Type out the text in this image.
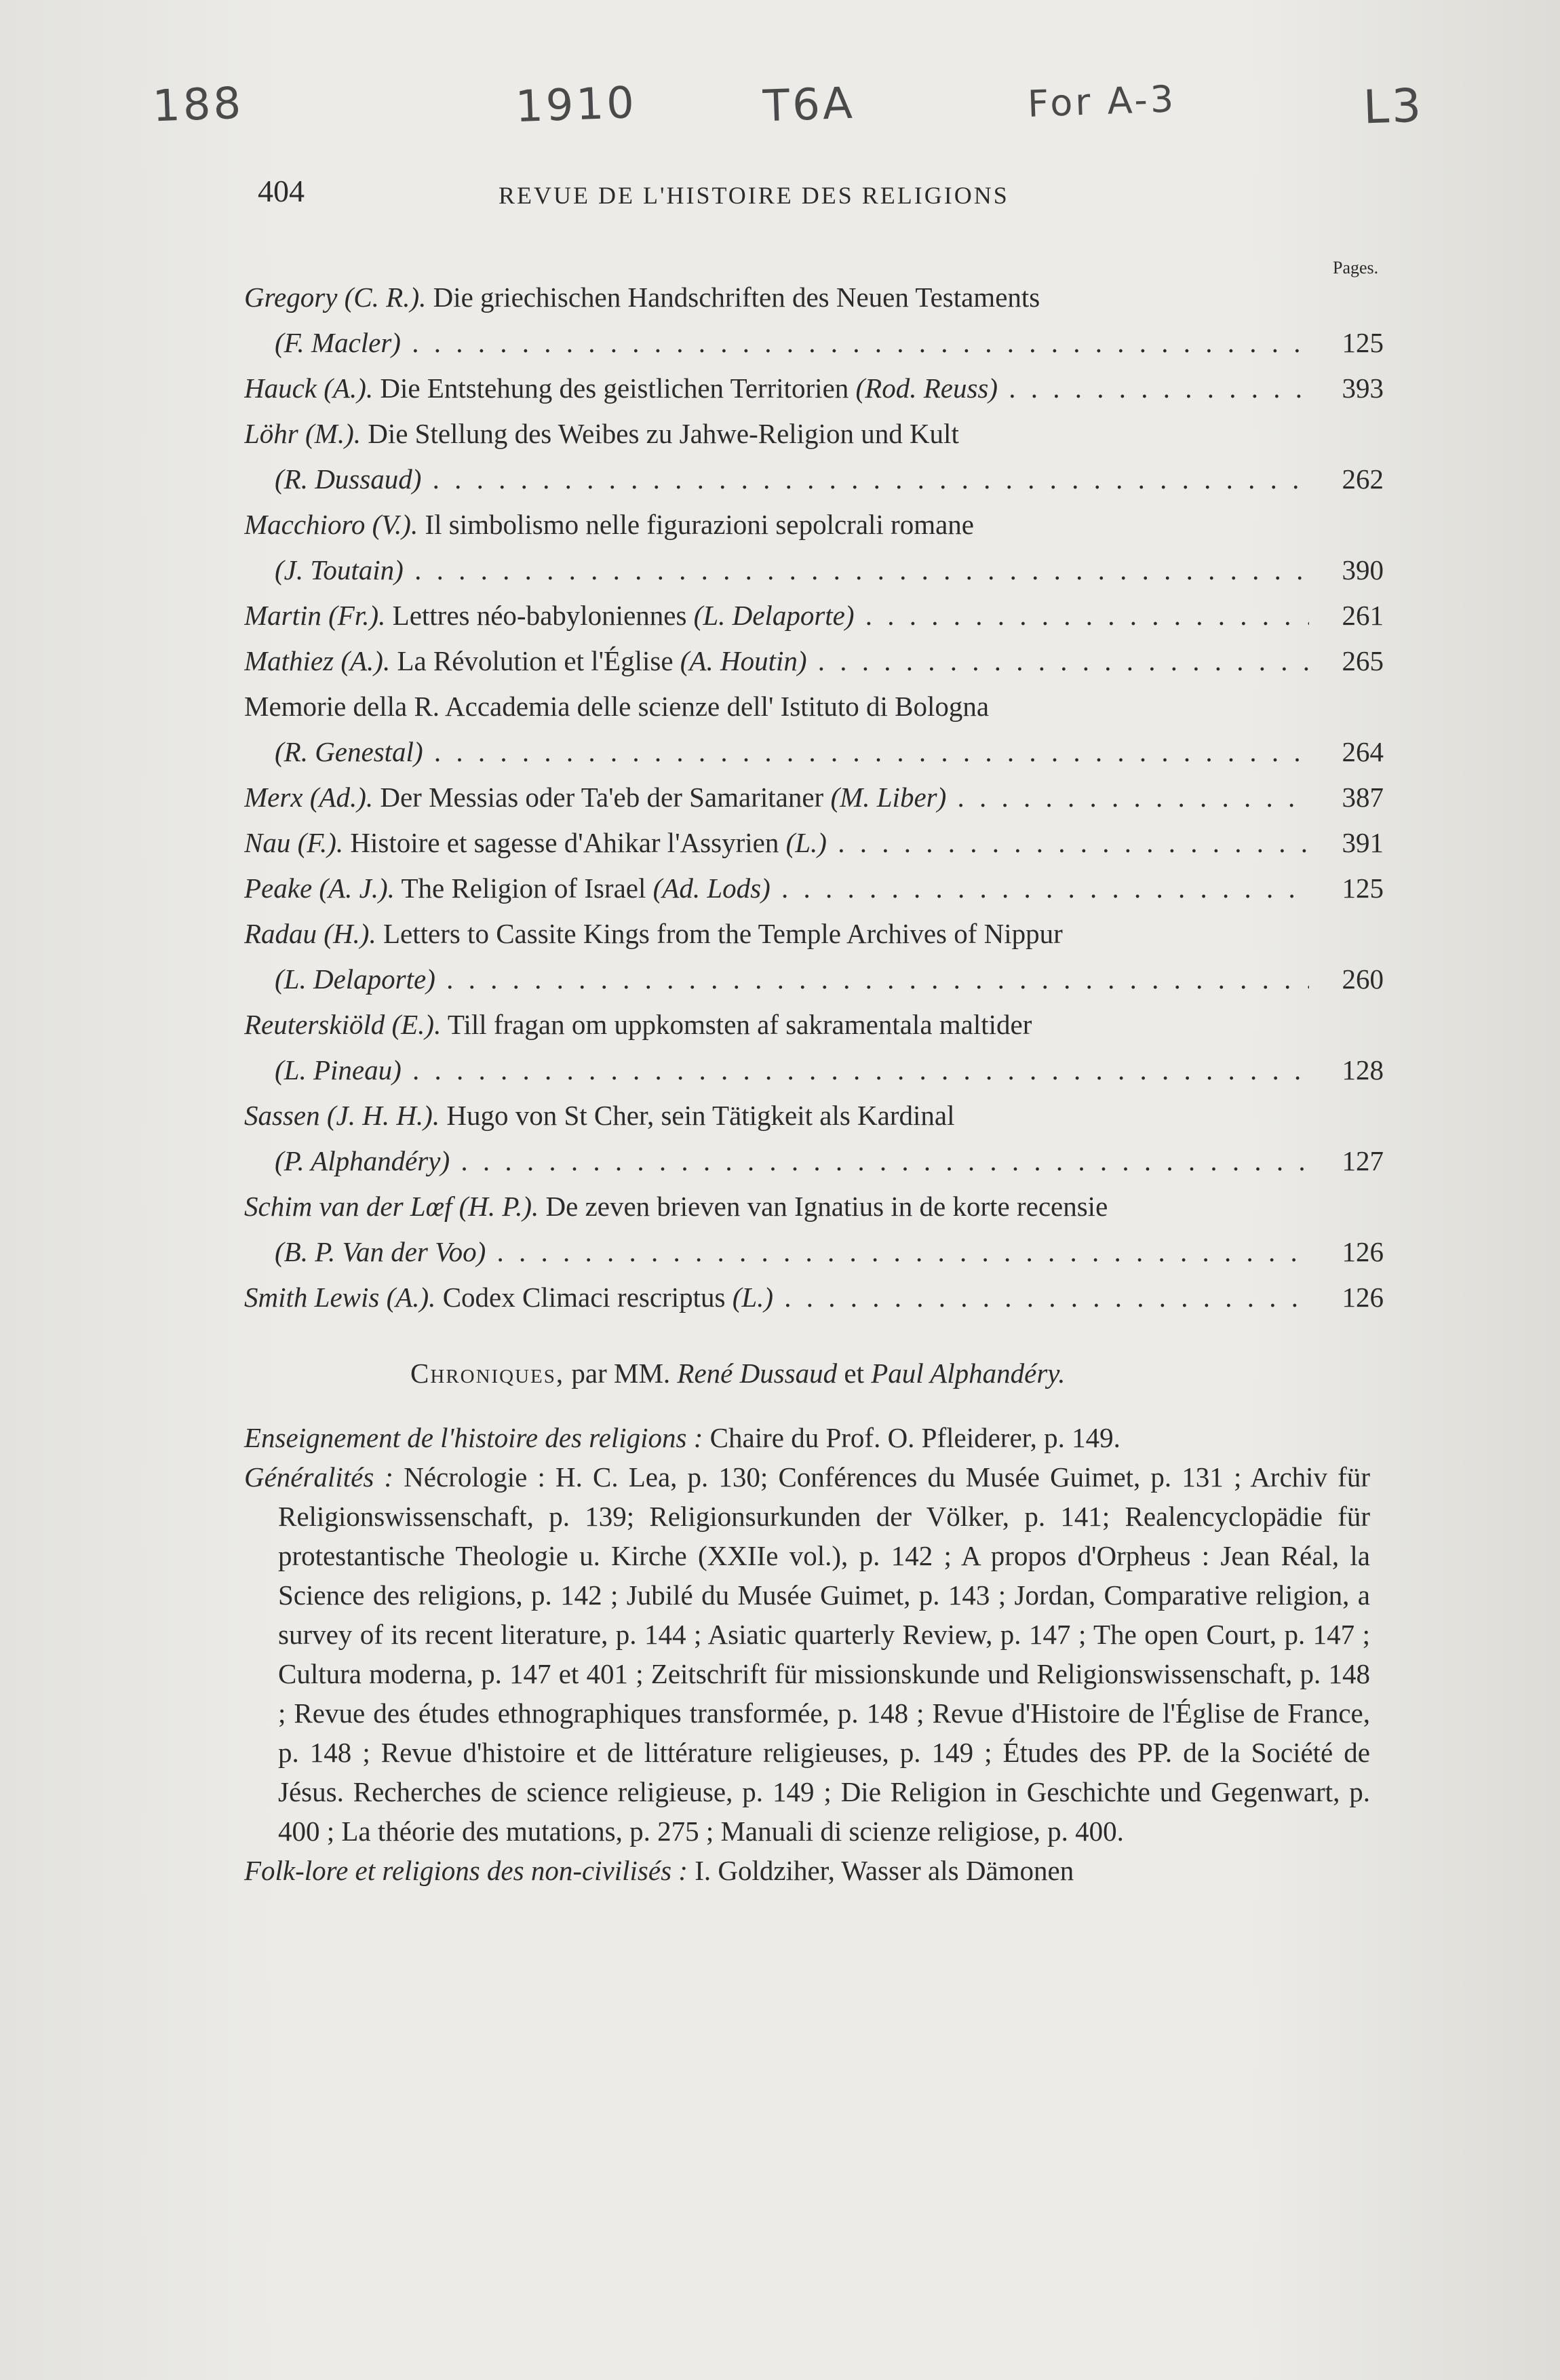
188	1910	T6A	For A-3	L3
404	REVUE DE L'HISTOIRE DES RELIGIONS
Pages.
Gregory (C. R.). Die griechischen Handschriften des Neuen Testaments
(F. Macler) . . .	125
Hauck (A.). Die Entstehung des geistlichen Territorien (Rod. Reuss) . . .	393
Löhr (M.). Die Stellung des Weibes zu Jahwe-Religion und Kult
(R. Dussaud) . . .	262
Macchioro (V.). Il simbolismo nelle figurazioni sepolcrali romane
(J. Toutain) . . .	390
Martin (Fr.). Lettres néo-babyloniennes (L. Delaporte) . . .	261
Mathiez (A.). La Révolution et l'Église (A. Houtin) . . .	265
Memorie della R. Accademia delle scienze dell' Istituto di Bologna
(R. Genestal) . . .	264
Merx (Ad.). Der Messias oder Ta'eb der Samaritaner (M. Liber) . . .	387
Nau (F.). Histoire et sagesse d'Ahikar l'Assyrien (L.) . . .	391
Peake (A. J.). The Religion of Israel (Ad. Lods) . . .	125
Radau (H.). Letters to Cassite Kings from the Temple Archives of Nippur
(L. Delaporte) . . .	260
Reuterskiöld (E.). Till fragan om uppkomsten af sakramentala maltider
(L. Pineau) . . .	128
Sassen (J. H. H.). Hugo von St Cher, sein Tätigkeit als Kardinal
(P. Alphandéry) . . .	127
Schim van der Lœf (H. P.). De zeven brieven van Ignatius in de korte recensie
(B. P. Van der Voo) . . .	126
Smith Lewis (A.). Codex Climaci rescriptus (L.) . . .	126
Chroniques, par MM. René Dussaud et Paul Alphandéry.

Enseignement de l'histoire des religions : Chaire du Prof. O. Pfleiderer, p. 149.

Généralités : Nécrologie : H. C. Lea, p. 130; Conférences du Musée Guimet, p. 131 ; Archiv für Religionswissenschaft, p. 139; Religionsurkunden der Völker, p. 141; Realencyclopädie für protestantische Theologie u. Kirche (XXIIe vol.), p. 142 ; A propos d'Orpheus : Jean Réal, la Science des religions, p. 142 ; Jubilé du Musée Guimet, p. 143 ; Jordan, Comparative religion, a survey of its recent literature, p. 144 ; Asiatic quarterly Review, p. 147 ; The open Court, p. 147 ; Cultura moderna, p. 147 et 401 ; Zeitschrift für missionskunde und Religionswissenschaft, p. 148 ; Revue des études ethnographiques transformée, p. 148 ; Revue d'Histoire de l'Église de France, p. 148 ; Revue d'histoire et de littérature religieuses, p. 149 ; Études des PP. de la Société de Jésus. Recherches de science religieuse, p. 149 ; Die Religion in Geschichte und Gegenwart, p. 400 ; La théorie des mutations, p. 275 ; Manuali di scienze religiose, p. 400.

Folk-lore et religions des non-civilisés : I. Goldziher, Wasser als Dämonen
